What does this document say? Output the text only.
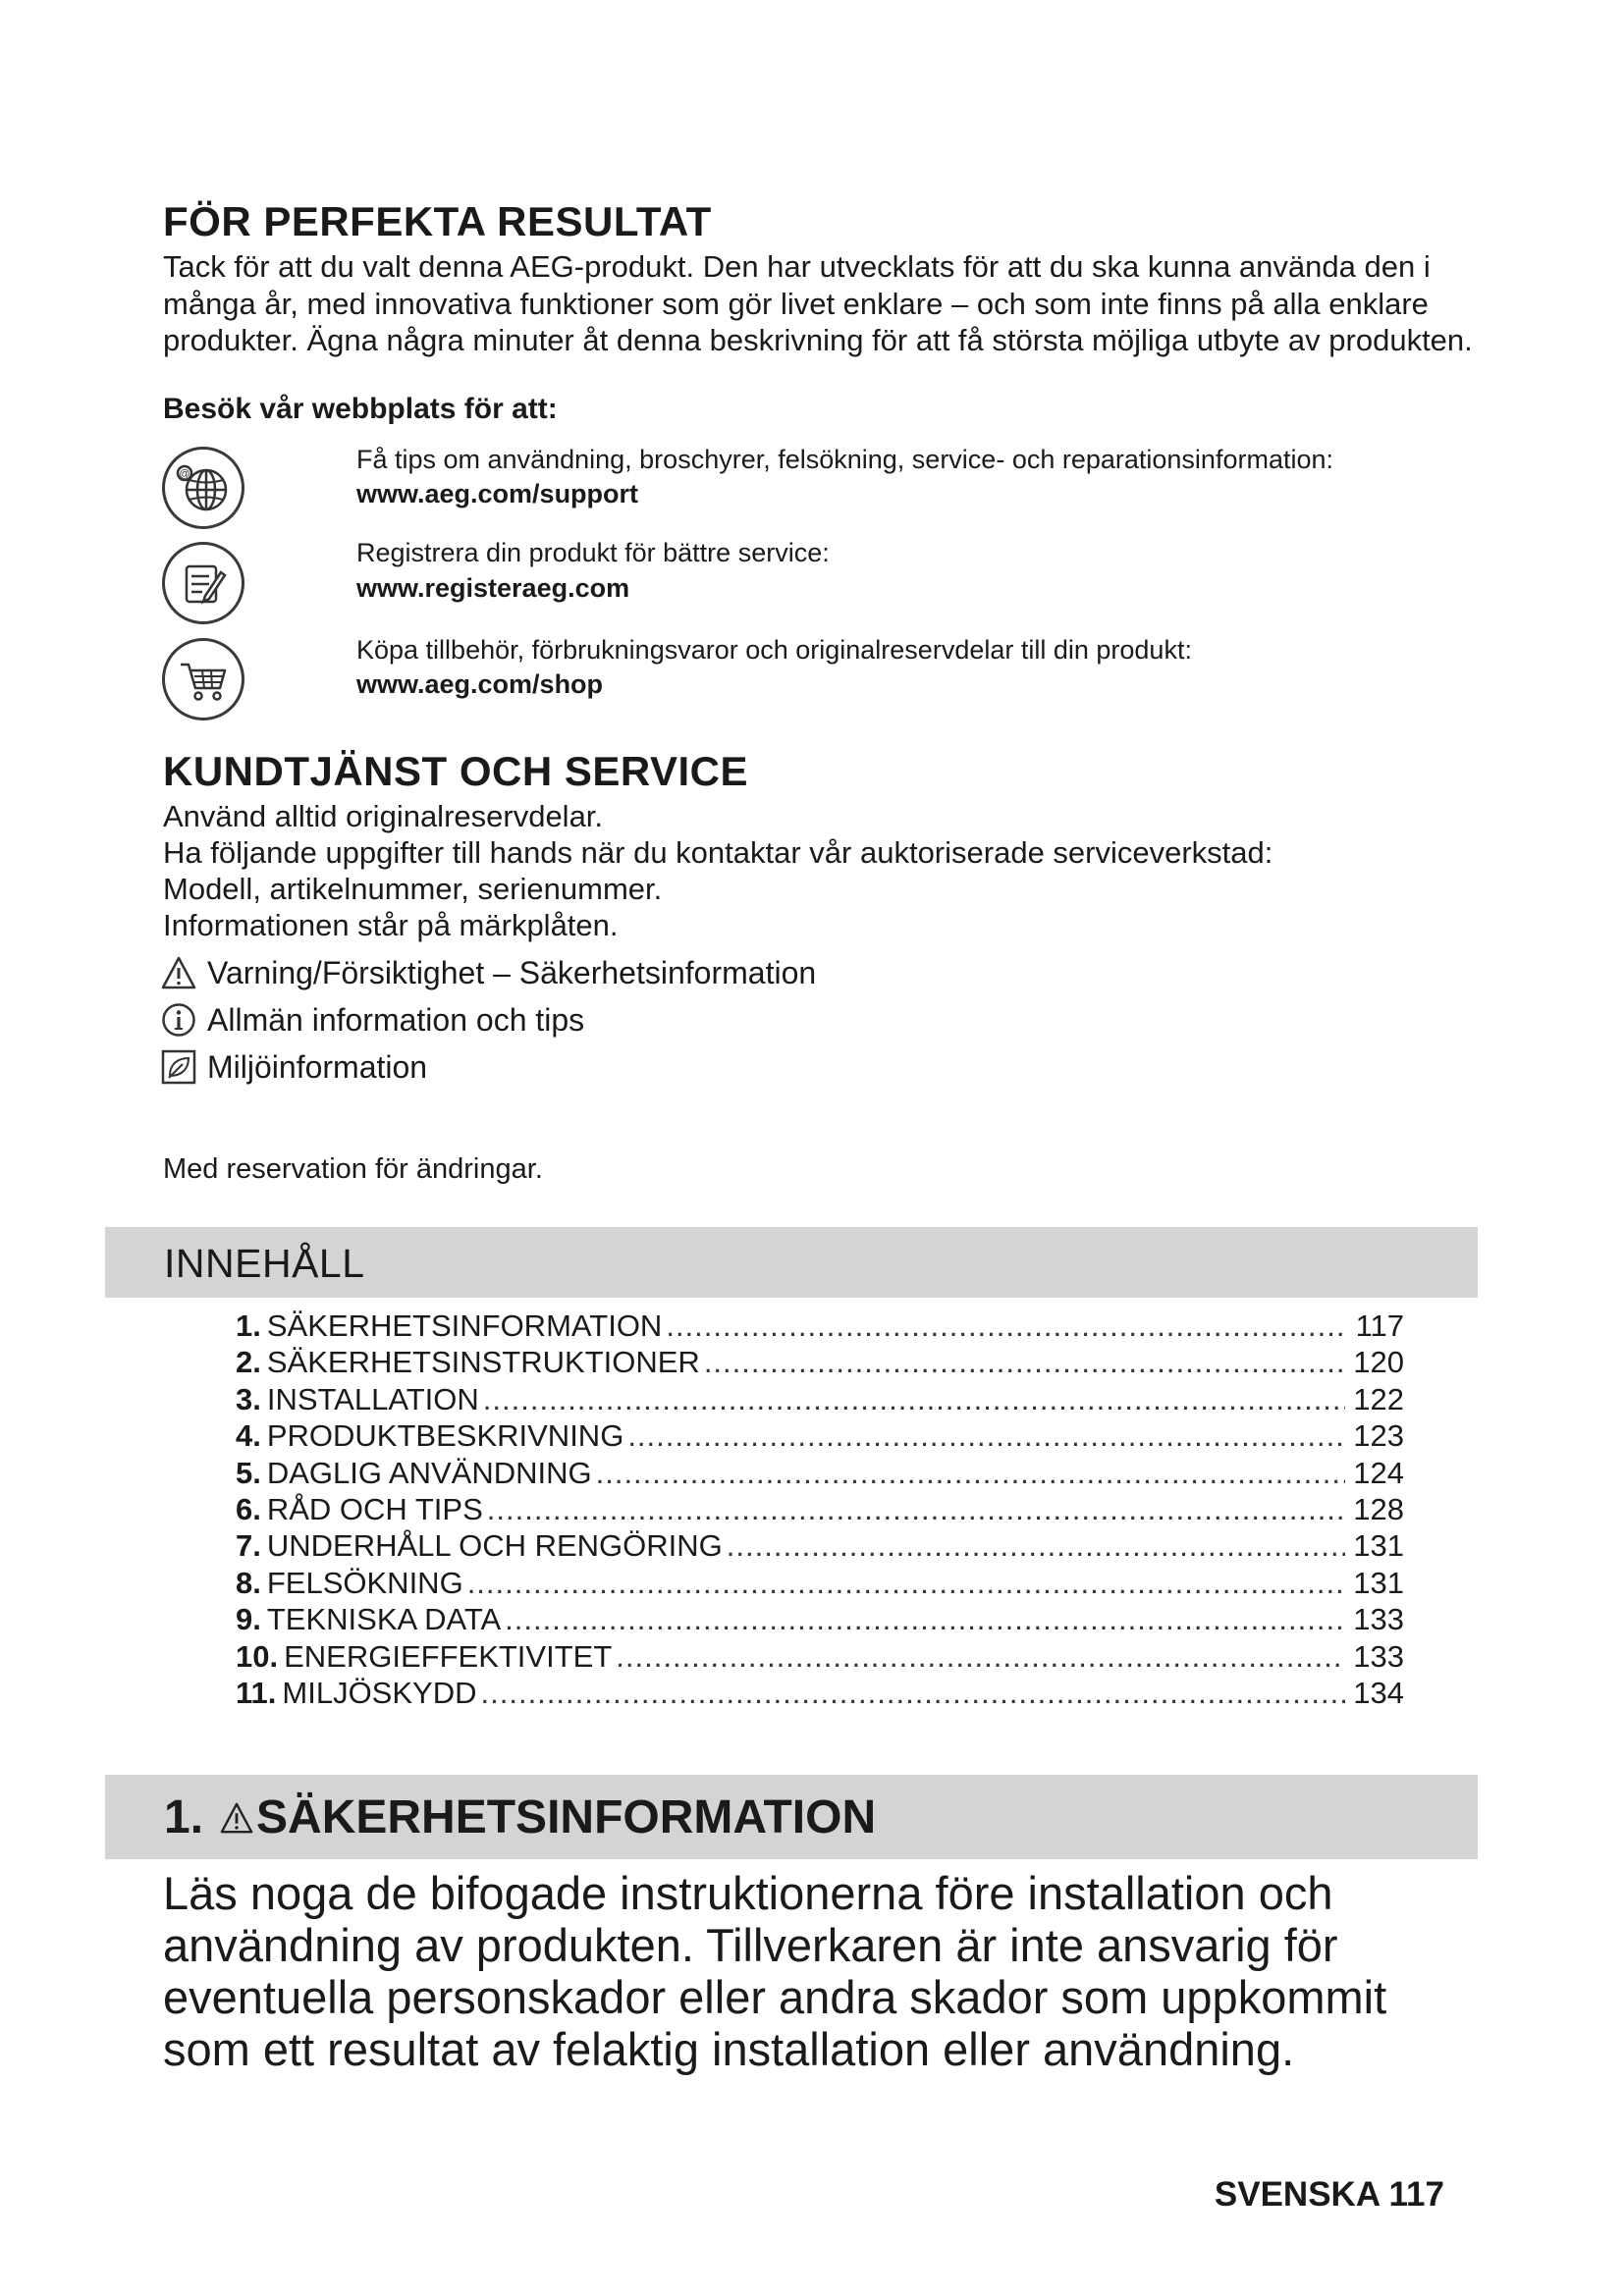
FÖR PERFEKTA RESULTAT
Tack för att du valt denna AEG-produkt. Den har utvecklats för att du ska kunna använda den i många år, med innovativa funktioner som gör livet enklare – och som inte finns på alla enklare produkter. Ägna några minuter åt denna beskrivning för att få största möjliga utbyte av produkten.
Besök vår webbplats för att:
@	Få tips om användning, broschyrer, felsökning, service- och reparationsinformation:
www.aeg.com/support
Registrera din produkt för bättre service:
www.registeraeg.com
Köpa tillbehör, förbrukningsvaror och originalreservdelar till din produkt:
www.aeg.com/shop
KUNDTJÄNST OCH SERVICE
Använd alltid originalreservdelar.
Ha följande uppgifter till hands när du kontaktar vår auktoriserade serviceverkstad:
Modell, artikelnummer, serienummer.
Informationen står på märkplåten.
Varning/Försiktighet – Säkerhetsinformation
Allmän information och tips
Miljöinformation
Med reservation för ändringar.
INNEHÅLL
1. SÄKERHETSINFORMATION .....	117
2. SÄKERHETSINSTRUKTIONER .....	120
3. INSTALLATION .....	122
4. PRODUKTBESKRIVNING .....	123
5. DAGLIG ANVÄNDNING .....	124
6. RÅD OCH TIPS .....	128
7. UNDERHÅLL OCH RENGÖRING .....	131
8. FELSÖKNING .....	131
9. TEKNISKA DATA .....	133
10. ENERGIEFFEKTIVITET .....	133
11. MILJÖSKYDD .....	134
1. SÄKERHETSINFORMATION
Läs noga de bifogade instruktionerna före installation och användning av produkten. Tillverkaren är inte ansvarig för eventuella personskador eller andra skador som uppkommit som ett resultat av felaktig installation eller användning.
SVENSKA 117
